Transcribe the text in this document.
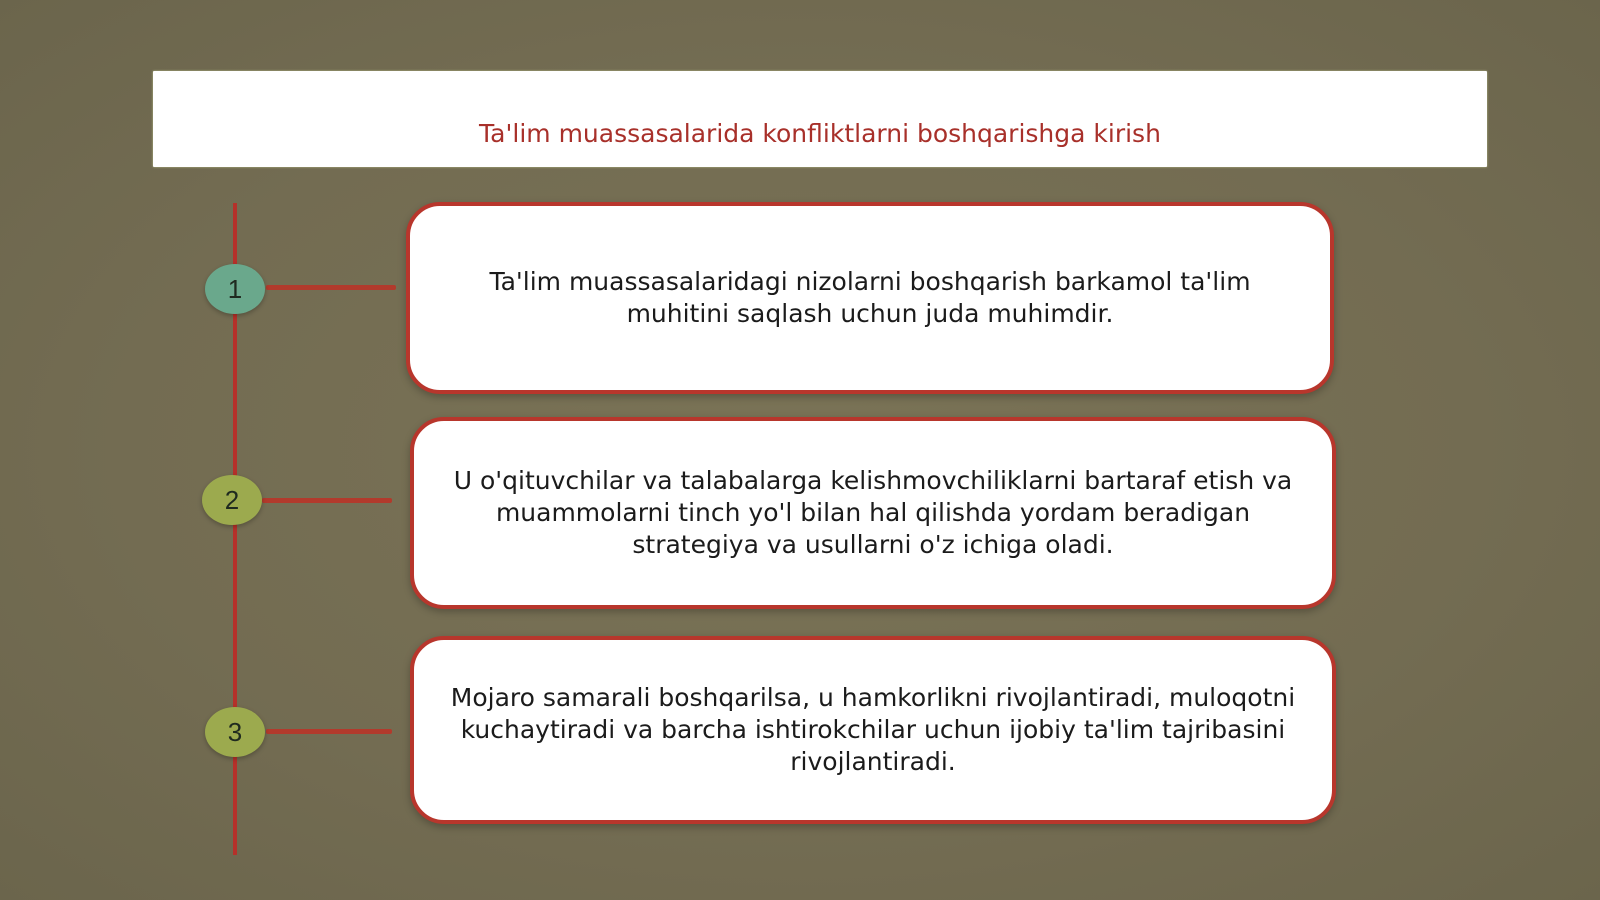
Ta'lim muassasalarida konfliktlarni boshqarishga kirish
1	Ta'lim muassasalaridagi nizolarni boshqarish barkamol ta'lim muhitini saqlash uchun juda muhimdir.
2
U o'qituvchilar va talabalarga kelishmovchiliklarni bartaraf etish va muammolarni tinch yo'l bilan hal qilishda yordam beradigan strategiya va usullarni o'z ichiga oladi.
3
Mojaro samarali boshqarilsa, u hamkorlikni rivojlantiradi, muloqotni kuchaytiradi va barcha ishtirokchilar uchun ijobiy ta'lim tajribasini rivojlantiradi.
